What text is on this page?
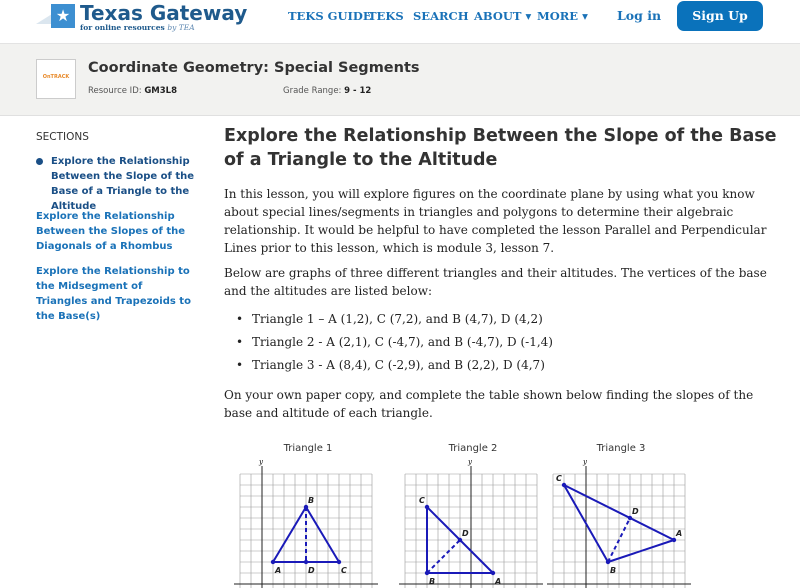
★ Texas Gateway
for online resources by TEA
TEKS GUIDE
TEKS SEARCH ABOUT ▾ MORE ▾ Log in	Sign Up
OnTRACK
Coordinate Geometry: Special Segments
Resource ID: GM3L8	Grade Range: 9 - 12
SECTIONS
Explore the Relationship Between the Slope of the Base of a Triangle to the Altitude
Explore the Relationship Between the Slopes of the Diagonals of a Rhombus
Explore the Relationship to the Midsegment of Triangles and Trapezoids to the Base(s)
Explore the Relationship Between the Slope of the Base of a Triangle to the Altitude
In this lesson, you will explore figures on the coordinate plane by using what you know about special lines/segments in triangles and polygons to determine their algebraic relationship. It would be helpful to have completed the lesson Parallel and Perpendicular Lines prior to this lesson, which is module 3, lesson 7.
Below are graphs of three different triangles and their altitudes. The vertices of the base and the altitudes are listed below:
• Triangle 1 – A (1,2), C (7,2), and B (4,7), D (4,2)
• Triangle 2 - A (2,1), C (-4,7), and B (-4,7), D (-1,4)
• Triangle 3 - A (8,4), C (-2,9), and B (2,2), D (4,7)
On your own paper copy, and complete the table shown below finding the slopes of the base and altitude of each triangle.
Triangle 1
y
A
B
C
D
Triangle 2
y
A
B
C
D
Triangle 3
y
A
B
C
D
